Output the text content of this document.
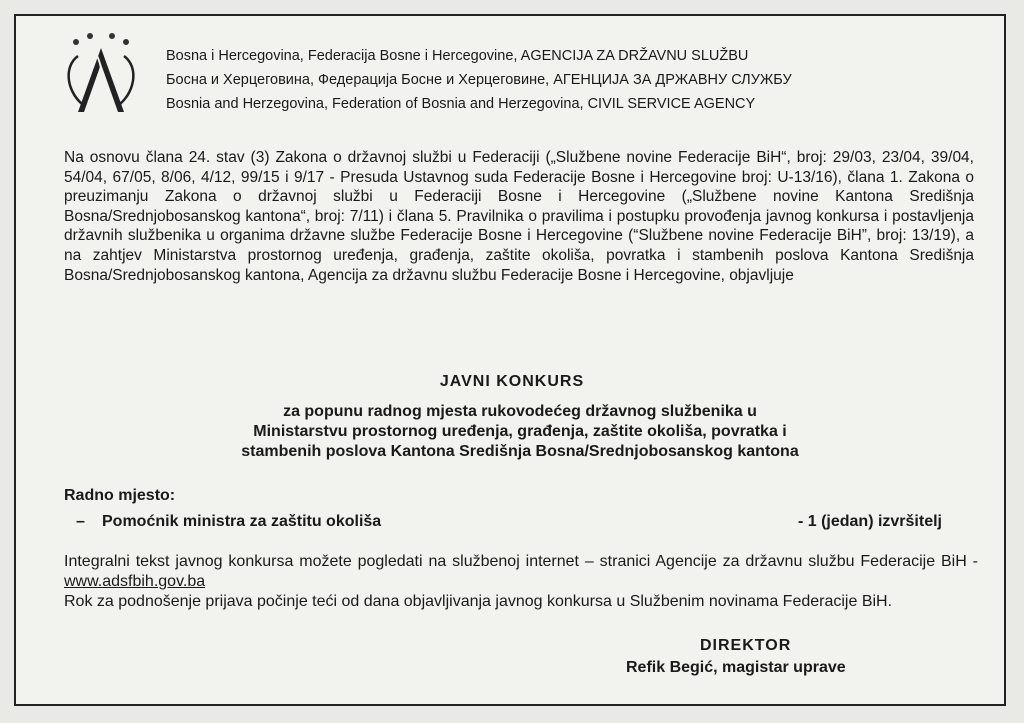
Bosna i Hercegovina, Federacija Bosne i Hercegovine, AGENCIJA ZA DRŽAVNU SLUŽBU
Босна и Херцеговина, Федерација Босне и Херцеговине, АГЕНЦИЈА ЗА ДРЖАВНУ СЛУЖБУ
Bosnia and Herzegovina, Federation of Bosnia and Herzegovina, CIVIL SERVICE AGENCY
Na osnovu člana 24. stav (3) Zakona o državnoj službi u Federaciji („Službene novine Federacije BiH“, broj: 29/03, 23/04, 39/04, 54/04, 67/05, 8/06, 4/12, 99/15 i 9/17 - Presuda Ustavnog suda Federacije Bosne i Hercegovine broj: U-13/16), člana 1. Zakona o preuzimanju Zakona o državnoj službi u Federaciji Bosne i Hercegovine („Službene novine Kantona Središnja Bosna/Srednjobosanskog kantona“, broj: 7/11) i člana 5. Pravilnika o pravilima i postupku provođenja javnog konkursa i postavljenja državnih službenika u organima državne službe Federacije Bosne i Hercegovine (“Službene novine Federacije BiH”, broj: 13/19), a na zahtjev Ministarstva prostornog uređenja, građenja, zaštite okoliša, povratka i stambenih poslova Kantona Središnja Bosna/Srednjobosanskog kantona, Agencija za državnu službu Federacije Bosne i Hercegovine, objavljuje
JAVNI KONKURS
za popunu radnog mjesta rukovodećeg državnog službenika u
Ministarstvu prostornog uređenja, građenja, zaštite okoliša, povratka i
stambenih poslova Kantona Središnja Bosna/Srednjobosanskog kantona
Radno mjesto:
– Pomoćnik ministra za zaštitu okoliša	- 1 (jedan) izvršitelj
Integralni tekst javnog konkursa možete pogledati na službenoj internet – stranici Agencije za državnu službu Federacije BiH - www.adsfbih.gov.ba
Rok za podnošenje prijava počinje teći od dana objavljivanja javnog konkursa u Službenim novinama Federacije BiH.
DIREKTOR
Refik Begić, magistar uprave
